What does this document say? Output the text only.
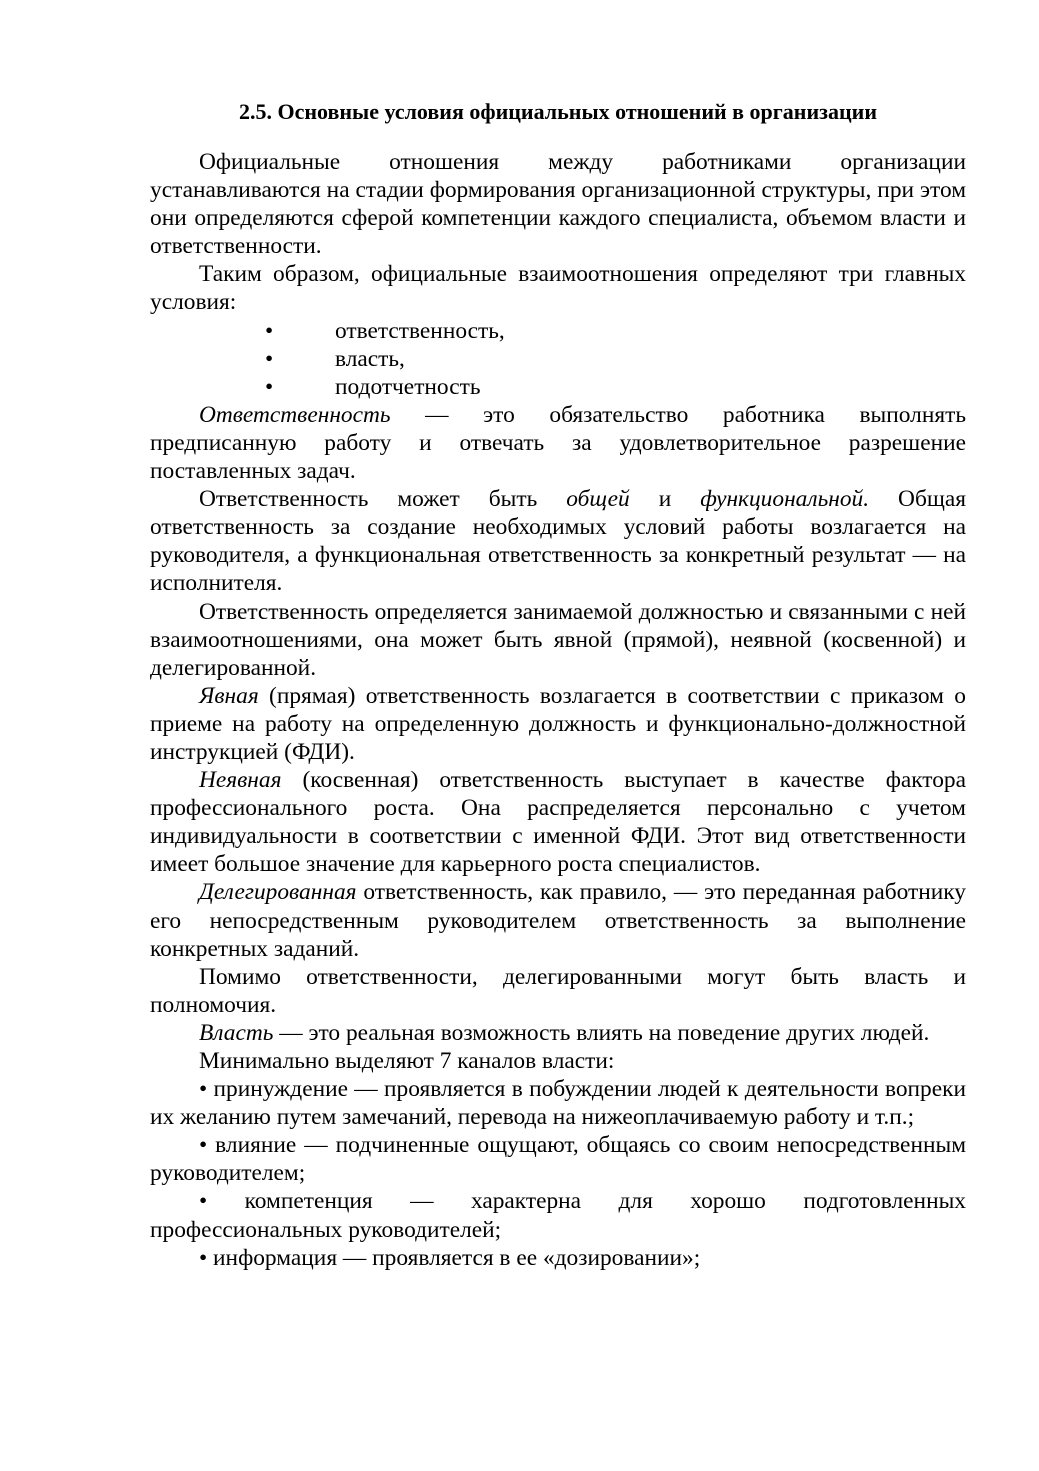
2.5. Основные условия официальных отношений в организации

Официальные отношения между работниками организации устанавливаются на стадии формирования организационной структуры, при этом они определяются сферой компетенции каждого специалиста, объемом власти и ответственности.

Таким образом, официальные взаимоотношения определяют три главных условия:

•	ответственность,
•	власть,
•	подотчетность

Ответственность — это обязательство работника выполнять предписанную работу и отвечать за удовлетворительное разрешение поставленных задач.

Ответственность может быть общей и функциональной. Общая ответственность за создание необходимых условий работы возлагается на руководителя, а функциональная ответственность за конкретный результат — на исполнителя.

Ответственность определяется занимаемой должностью и связанными с ней взаимоотношениями, она может быть явной (прямой), неявной (косвенной) и делегированной.

Явная (прямая) ответственность возлагается в соответствии с приказом о приеме на работу на определенную должность и функционально-должностной инструкцией (ФДИ).

Неявная (косвенная) ответственность выступает в качестве фактора профессионального роста. Она распределяется персонально с учетом индивидуальности в соответствии с именной ФДИ. Этот вид ответственности имеет большое значение для карьерного роста специалистов.

Делегированная ответственность, как правило, — это переданная работнику его непосредственным руководителем ответственность за выполнение конкретных заданий.

Помимо ответственности, делегированными могут быть власть и полномочия.

Власть — это реальная возможность влиять на поведение других людей.

Минимально выделяют 7 каналов власти:

• принуждение — проявляется в побуждении людей к деятельности вопреки их желанию путем замечаний, перевода на нижеоплачиваемую работу и т.п.;

• влияние — подчиненные ощущают, общаясь со своим непосредственным руководителем;

• компетенция — характерна для хорошо подготовленных профессиональных руководителей;

• информация — проявляется в ее «дозировании»;
